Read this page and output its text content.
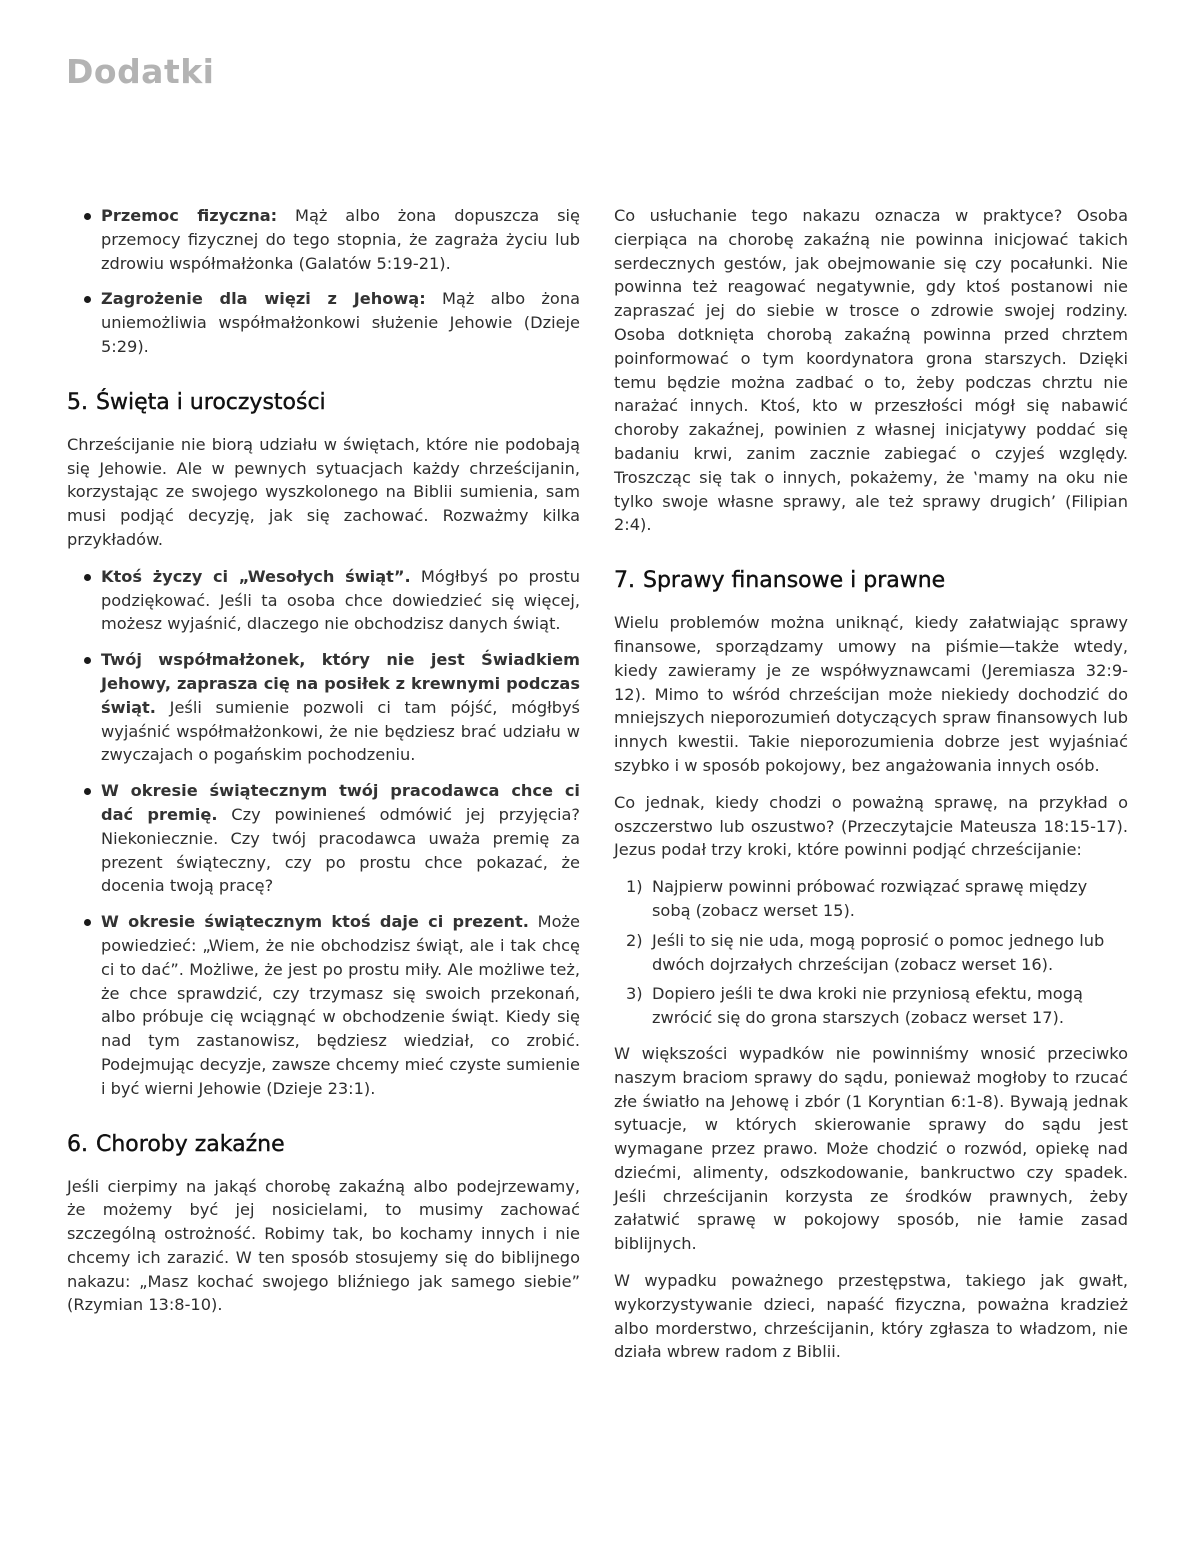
Dodatki
Przemoc fizyczna: Mąż albo żona dopuszcza się przemocy fizycznej do tego stopnia, że zagraża życiu lub zdrowiu współmałżonka (Galatów 5:19-21).
Zagrożenie dla więzi z Jehową: Mąż albo żona uniemożliwia współmałżonkowi służenie Jehowie (Dzieje 5:29).
5. Święta i uroczystości

Chrześcijanie nie biorą udziału w świętach, które nie podobają się Jehowie. Ale w pewnych sytuacjach każdy chrześcijanin, korzystając ze swojego wyszkolonego na Biblii sumienia, sam musi podjąć decyzję, jak się zachować. Rozważmy kilka przykładów.

Ktoś życzy ci „Wesołych świąt”. Mógłbyś po prostu podziękować. Jeśli ta osoba chce dowiedzieć się więcej, możesz wyjaśnić, dlaczego nie obchodzisz danych świąt.
Twój współmałżonek, który nie jest Świadkiem Jehowy, zaprasza cię na posiłek z krewnymi podczas świąt. Jeśli sumienie pozwoli ci tam pójść, mógłbyś wyjaśnić współmałżonkowi, że nie będziesz brać udziału w zwyczajach o pogańskim pochodzeniu.
W okresie świątecznym twój pracodawca chce ci dać premię. Czy powinieneś odmówić jej przyjęcia? Niekoniecznie. Czy twój pracodawca uważa premię za prezent świąteczny, czy po prostu chce pokazać, że docenia twoją pracę?
W okresie świątecznym ktoś daje ci prezent. Może powiedzieć: „Wiem, że nie obchodzisz świąt, ale i tak chcę ci to dać”. Możliwe, że jest po prostu miły. Ale możliwe też, że chce sprawdzić, czy trzymasz się swoich przekonań, albo próbuje cię wciągnąć w obchodzenie świąt. Kiedy się nad tym zastanowisz, będziesz wiedział, co zrobić. Podejmując decyzje, zawsze chcemy mieć czyste sumienie i być wierni Jehowie (Dzieje 23:1).
6. Choroby zakaźne

Jeśli cierpimy na jakąś chorobę zakaźną albo podejrzewamy, że możemy być jej nosicielami, to musimy zachować szczególną ostrożność. Robimy tak, bo kochamy innych i nie chcemy ich zarazić. W ten sposób stosujemy się do biblijnego nakazu: „Masz kochać swojego bliźniego jak samego siebie” (Rzymian 13:8-10).

Co usłuchanie tego nakazu oznacza w praktyce? Osoba cierpiąca na chorobę zakaźną nie powinna inicjować takich serdecznych gestów, jak obejmowanie się czy pocałunki. Nie powinna też reagować negatywnie, gdy ktoś postanowi nie zapraszać jej do siebie w trosce o zdrowie swojej rodziny. Osoba dotknięta chorobą zakaźną powinna przed chrztem poinformować o tym koordynatora grona starszych. Dzięki temu będzie można zadbać o to, żeby podczas chrztu nie narażać innych. Ktoś, kto w przeszłości mógł się nabawić choroby zakaźnej, powinien z własnej inicjatywy poddać się badaniu krwi, zanim zacznie zabiegać o czyjeś względy. Troszcząc się tak o innych, pokażemy, że ‛mamy na oku nie tylko swoje własne sprawy, ale też sprawy drugich’ (Filipian 2:4).

7. Sprawy finansowe i prawne

Wielu problemów można uniknąć, kiedy załatwiając sprawy finansowe, sporządzamy umowy na piśmie—także wtedy, kiedy zawieramy je ze współwyznawcami (Jeremiasza 32:9-12). Mimo to wśród chrześcijan może niekiedy dochodzić do mniejszych nieporozumień dotyczących spraw finansowych lub innych kwestii. Takie nieporozumienia dobrze jest wyjaśniać szybko i w sposób pokojowy, bez angażowania innych osób.

Co jednak, kiedy chodzi o poważną sprawę, na przykład o oszczerstwo lub oszustwo? (Przeczytajcie Mateusza 18:15-17). Jezus podał trzy kroki, które powinni podjąć chrześcijanie:

1) Najpierw powinni próbować rozwiązać sprawę między sobą (zobacz werset 15).
2) Jeśli to się nie uda, mogą poprosić o pomoc jednego lub dwóch dojrzałych chrześcijan (zobacz werset 16).
3) Dopiero jeśli te dwa kroki nie przyniosą efektu, mogą zwrócić się do grona starszych (zobacz werset 17).

W większości wypadków nie powinniśmy wnosić przeciwko naszym braciom sprawy do sądu, ponieważ mogłoby to rzucać złe światło na Jehowę i zbór (1 Koryntian 6:1-8). Bywają jednak sytuacje, w których skierowanie sprawy do sądu jest wymagane przez prawo. Może chodzić o rozwód, opiekę nad dziećmi, alimenty, odszkodowanie, bankructwo czy spadek. Jeśli chrześcijanin korzysta ze środków prawnych, żeby załatwić sprawę w pokojowy sposób, nie łamie zasad biblijnych.

W wypadku poważnego przestępstwa, takiego jak gwałt, wykorzystywanie dzieci, napaść fizyczna, poważna kradzież albo morderstwo, chrześcijanin, który zgłasza to władzom, nie działa wbrew radom z Biblii.
